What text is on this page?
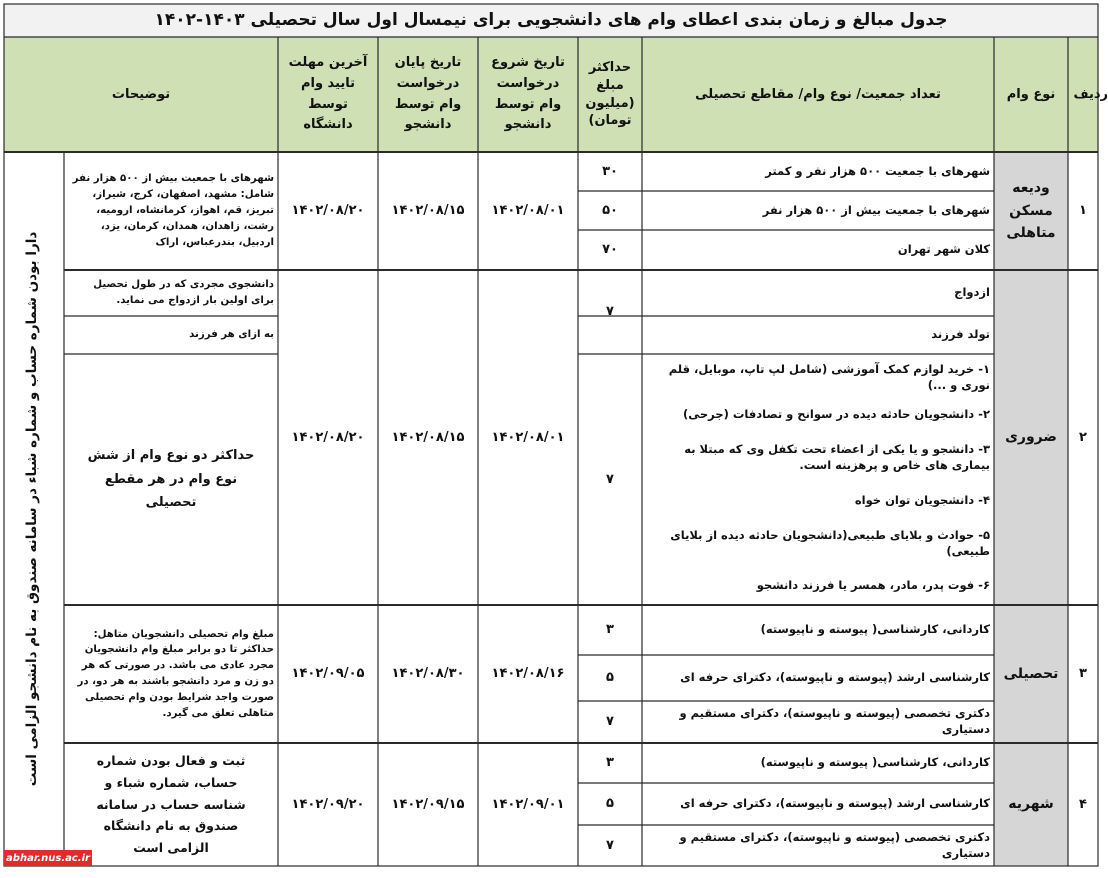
جدول مبالغ و زمان بندی اعطای وام های دانشجویی برای نیمسال اول سال تحصیلی ۱۴۰۳-۱۴۰۲
ردیف
نوع وام
تعداد جمعیت/ نوع وام/ مقاطع تحصیلی
حداکثر مبلغ (میلیون تومان)
تاریخ شروع درخواست وام توسط دانشجو
تاریخ پایان درخواست وام توسط دانشجو
آخرین مهلت تایید وام توسط دانشگاه
توضیحات
۱
ودیعه مسکن متاهلی
شهرهای با جمعیت ۵۰۰ هزار نفر و کمتر
شهرهای با جمعیت بیش از ۵۰۰ هزار نفر
کلان شهر تهران
۳۰
۵۰
۷۰
۱۴۰۲/۰۸/۰۱
۱۴۰۲/۰۸/۱۵
۱۴۰۲/۰۸/۲۰
شهرهای با جمعیت بیش از ۵۰۰ هزار نفر شامل: مشهد، اصفهان، کرج، شیراز، تبریز، قم، اهواز، کرمانشاه، ارومیه، رشت، زاهدان، همدان، کرمان، یزد، اردبیل، بندرعباس، اراک
۲
ضروری
ازدواج
تولد فرزند
۱- خرید لوازم کمک آموزشی (شامل لپ تاپ، موبایل، قلم نوری و ...)
۲- دانشجویان حادثه دیده در سوانح و تصادفات (جرحی)
۳- دانشجو و یا یکی از اعضاء تحت تکفل وی که مبتلا به بیماری های خاص و پرهزینه است.
۴- دانشجویان توان خواه
۵- حوادث و بلایای طبیعی(دانشجویان حادثه دیده از بلایای طبیعی)
۶- فوت پدر، مادر، همسر یا فرزند دانشجو
۷
۷
۱۴۰۲/۰۸/۰۱
۱۴۰۲/۰۸/۱۵
۱۴۰۲/۰۸/۲۰
دانشجوی مجردی که در طول تحصیل برای اولین بار ازدواج می نماید.
به ازای هر فرزند
حداکثر دو نوع وام از شش نوع وام در هر مقطع تحصیلی
۳
تحصیلی
کاردانی، کارشناسی( پیوسته و ناپیوسته)
کارشناسی ارشد (پیوسته و ناپیوسته)، دکترای حرفه ای
دکتری تخصصی (پیوسته و ناپیوسته)، دکترای مستقیم و دستیاری
۳
۵
۷
۱۴۰۲/۰۸/۱۶
۱۴۰۲/۰۸/۳۰
۱۴۰۲/۰۹/۰۵
مبلغ وام تحصیلی دانشجویان متاهل: حداکثر تا دو برابر مبلغ وام دانشجویان مجرد عادی می باشد. در صورتی که هر دو زن و مرد دانشجو باشند به هر دو، در صورت واجد شرایط بودن وام تحصیلی متاهلی تعلق می گیرد.
۴
شهریه
کاردانی، کارشناسی( پیوسته و ناپیوسته)
کارشناسی ارشد (پیوسته و ناپیوسته)، دکترای حرفه ای
دکتری تخصصی (پیوسته و ناپیوسته)، دکترای مستقیم و دستیاری
۳
۵
۷
۱۴۰۲/۰۹/۰۱
۱۴۰۲/۰۹/۱۵
۱۴۰۲/۰۹/۲۰
ثبت و فعال بودن شماره حساب، شماره شباء و شناسه حساب در سامانه صندوق به نام دانشگاه الزامی است
دارا بودن شماره حساب و شماره شباء در سامانه صندوق به نام دانشجو الزامی است
abhar.nus.ac.ir
